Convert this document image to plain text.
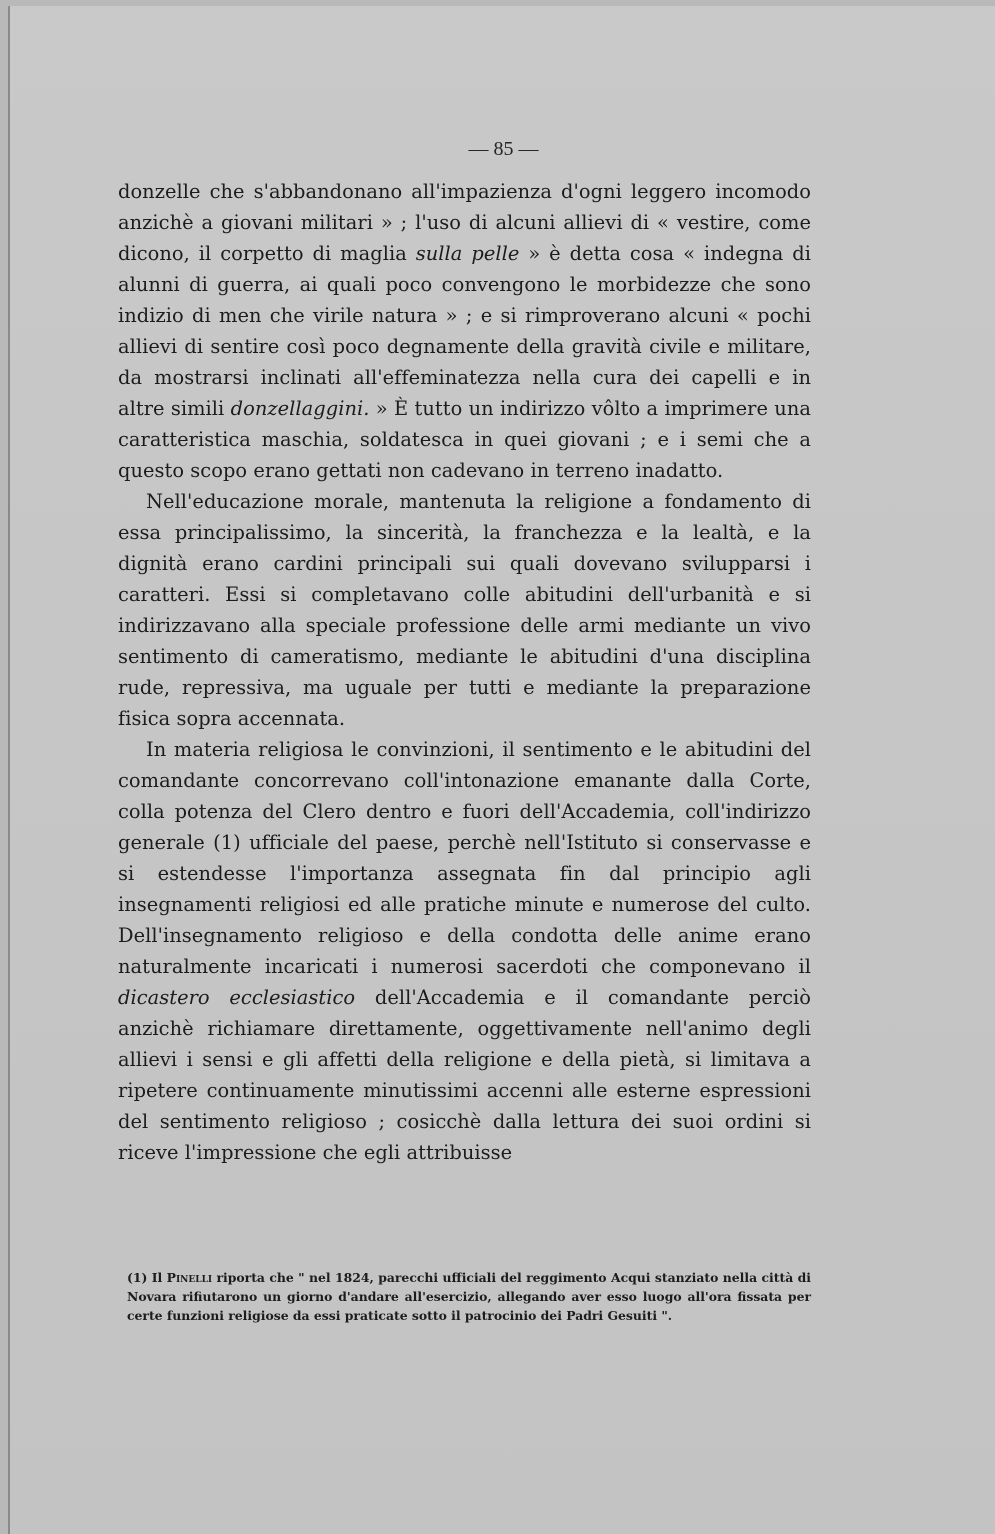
— 85 —

donzelle che s'abbandonano all'impazienza d'ogni leggero incomodo anzichè a giovani militari » ; l'uso di alcuni allievi di « vestire, come dicono, il corpetto di maglia sulla pelle » è detta cosa « indegna di alunni di guerra, ai quali poco convengono le morbidezze che sono indizio di men che virile natura » ; e si rimproverano alcuni « pochi allievi di sentire così poco degnamente della gravità civile e militare, da mostrarsi inclinati all'effeminatezza nella cura dei capelli e in altre simili donzellaggini. » È tutto un indirizzo vôlto a imprimere una caratteristica maschia, soldatesca in quei giovani ; e i semi che a questo scopo erano gettati non cadevano in terreno inadatto.

Nell'educazione morale, mantenuta la religione a fondamento di essa principalissimo, la sincerità, la franchezza e la lealtà, e la dignità erano cardini principali sui quali dovevano svilupparsi i caratteri. Essi si completavano colle abitudini dell'urbanità e si indirizzavano alla speciale professione delle armi mediante un vivo sentimento di cameratismo, mediante le abitudini d'una disciplina rude, repressiva, ma uguale per tutti e mediante la preparazione fisica sopra accennata.

In materia religiosa le convinzioni, il sentimento e le abitudini del comandante concorrevano coll'intonazione emanante dalla Corte, colla potenza del Clero dentro e fuori dell'Accademia, coll'indirizzo generale (1) ufficiale del paese, perchè nell'Istituto si conservasse e si estendesse l'importanza assegnata fin dal principio agli insegnamenti religiosi ed alle pratiche minute e numerose del culto. Dell'insegnamento religioso e della condotta delle anime erano naturalmente incaricati i numerosi sacerdoti che componevano il dicastero ecclesiastico dell'Accademia e il comandante perciò anzichè richiamare direttamente, oggettivamente nell'animo degli allievi i sensi e gli affetti della religione e della pietà, si limitava a ripetere continuamente minutissimi accenni alle esterne espressioni del sentimento religioso ; cosicchè dalla lettura dei suoi ordini si riceve l'impressione che egli attribuisse

(1) Il Pinelli riporta che " nel 1824, parecchi ufficiali del reggimento Acqui stanziato nella città di Novara rifiutarono un giorno d'andare all'esercizio, allegando aver esso luogo all'ora fissata per certe funzioni religiose da essi praticate sotto il patrocinio dei Padri Gesuiti ".
